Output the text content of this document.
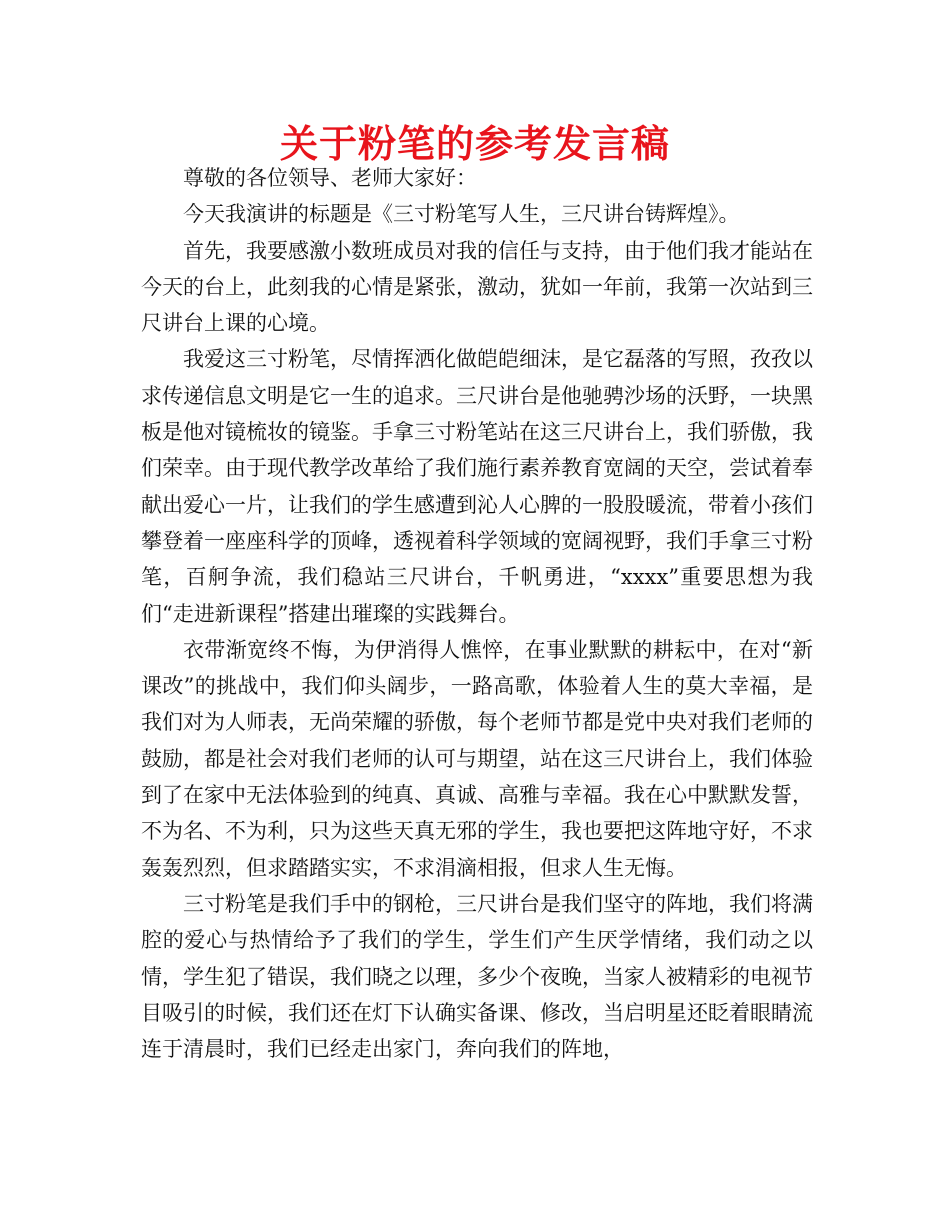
关于粉笔的参考发言稿

尊敬的各位领导、老师大家好：

今天我演讲的标题是《三寸粉笔写人生，三尺讲台铸辉煌》。

首先，我要感激小数班成员对我的信任与支持，由于他们我才能站在今天的台上，此刻我的心情是紧张，激动，犹如一年前，我第一次站到三尺讲台上课的心境。

我爱这三寸粉笔，尽情挥洒化做皑皑细沫，是它磊落的写照，孜孜以求传递信息文明是它一生的追求。三尺讲台是他驰骋沙场的沃野，一块黑板是他对镜梳妆的镜鉴。手拿三寸粉笔站在这三尺讲台上，我们骄傲，我们荣幸。由于现代教学改革给了我们施行素养教育宽阔的天空，尝试着奉献出爱心一片，让我们的学生感遭到沁人心脾的一股股暖流，带着小孩们攀登着一座座科学的顶峰，透视着科学领域的宽阔视野，我们手拿三寸粉笔，百舸争流，我们稳站三尺讲台，千帆勇进，“xxxx”重要思想为我们“走进新课程”搭建出璀璨的实践舞台。

衣带渐宽终不悔，为伊消得人憔悴，在事业默默的耕耘中，在对“新课改”的挑战中，我们仰头阔步，一路高歌，体验着人生的莫大幸福，是我们对为人师表，无尚荣耀的骄傲，每个老师节都是党中央对我们老师的鼓励，都是社会对我们老师的认可与期望，站在这三尺讲台上，我们体验到了在家中无法体验到的纯真、真诚、高雅与幸福。我在心中默默发誓，不为名、不为利，只为这些天真无邪的学生，我也要把这阵地守好，不求轰轰烈烈，但求踏踏实实，不求涓滴相报，但求人生无悔。

三寸粉笔是我们手中的钢枪，三尺讲台是我们坚守的阵地，我们将满腔的爱心与热情给予了我们的学生，学生们产生厌学情绪，我们动之以情，学生犯了错误，我们晓之以理，多少个夜晚，当家人被精彩的电视节目吸引的时候，我们还在灯下认确实备课、修改，当启明星还眨着眼睛流连于清晨时，我们已经走出家门，奔向我们的阵地，
